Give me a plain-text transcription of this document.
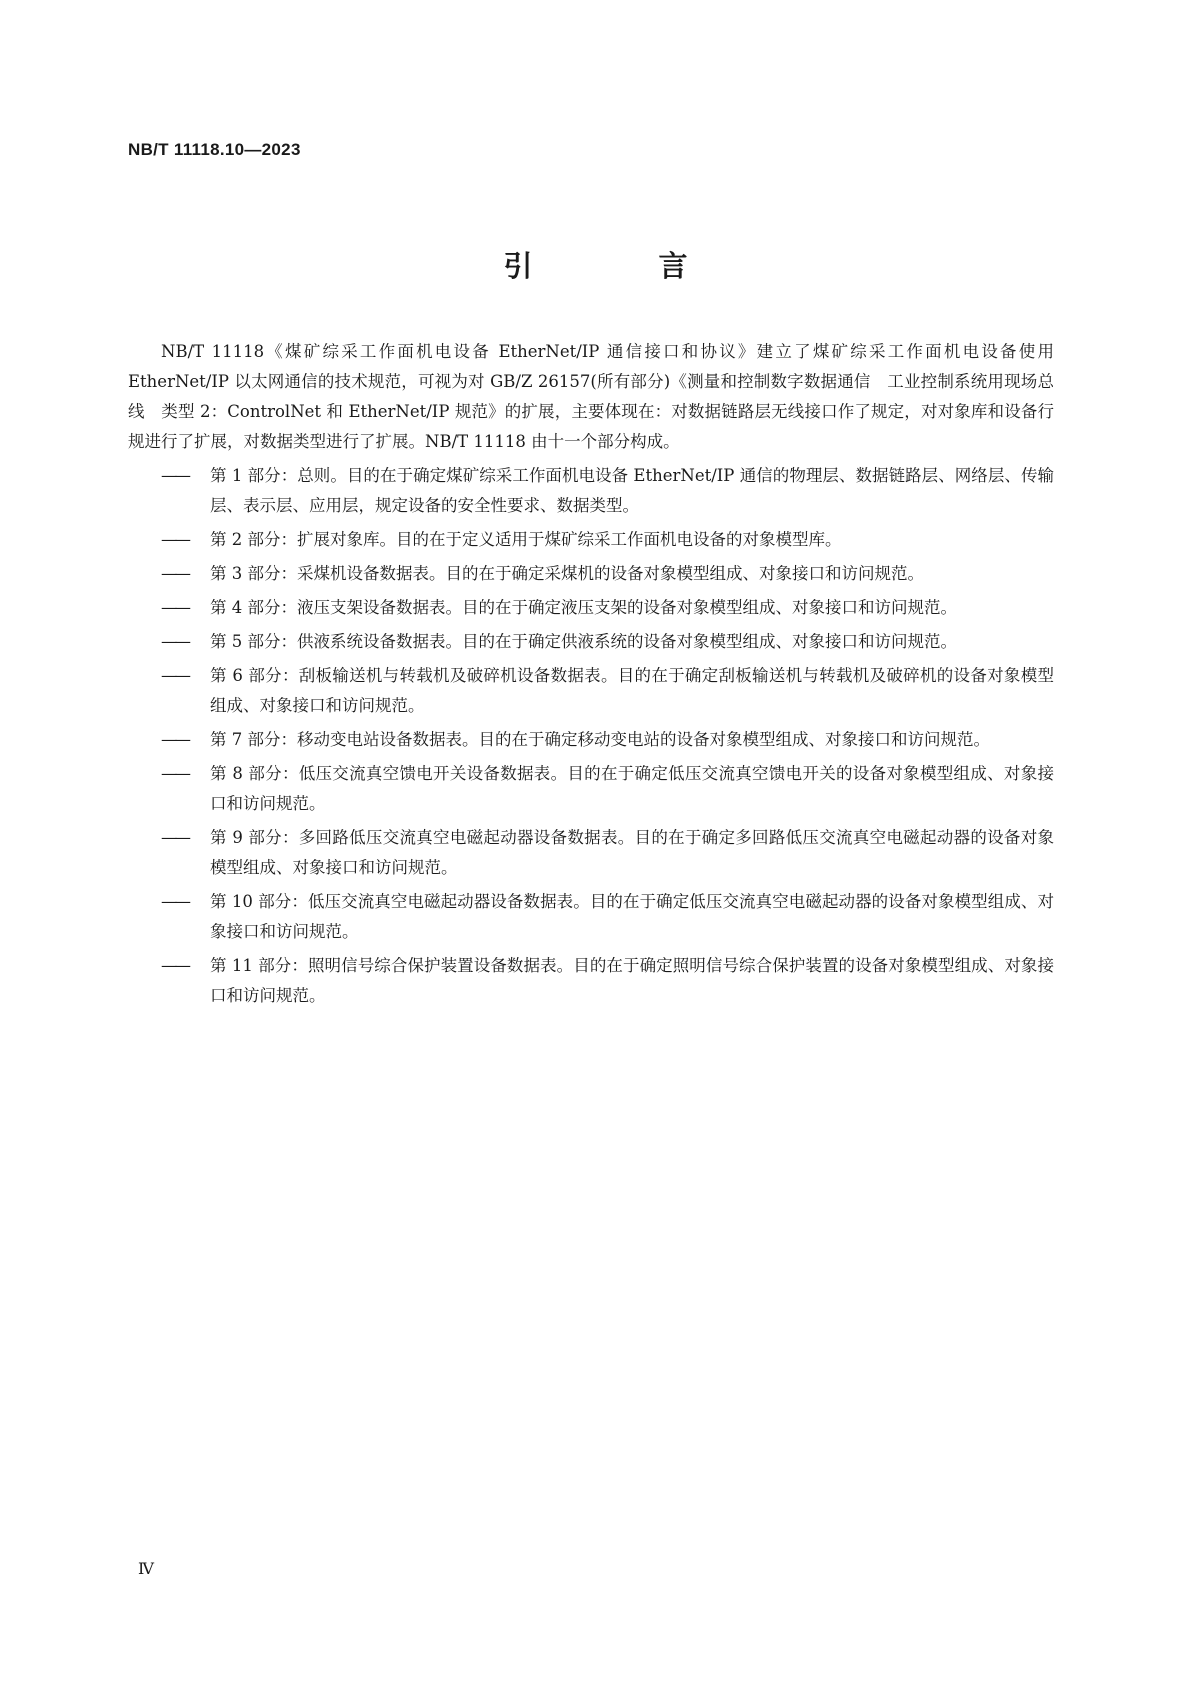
NB/T 11118.10—2023
引 言

NB/T 11118《煤矿综采工作面机电设备 EtherNet/IP 通信接口和协议》建立了煤矿综采工作面机电设备使用 EtherNet/IP 以太网通信的技术规范，可视为对 GB/Z 26157(所有部分)《测量和控制数字数据通信　工业控制系统用现场总线　类型 2：ControlNet 和 EtherNet/IP 规范》的扩展，主要体现在：对数据链路层无线接口作了规定，对对象库和设备行规进行了扩展，对数据类型进行了扩展。NB/T 11118 由十一个部分构成。

——	第 1 部分：总则。目的在于确定煤矿综采工作面机电设备 EtherNet/IP 通信的物理层、数据链路层、网络层、传输层、表示层、应用层，规定设备的安全性要求、数据类型。
——	第 2 部分：扩展对象库。目的在于定义适用于煤矿综采工作面机电设备的对象模型库。
——	第 3 部分：采煤机设备数据表。目的在于确定采煤机的设备对象模型组成、对象接口和访问规范。
——	第 4 部分：液压支架设备数据表。目的在于确定液压支架的设备对象模型组成、对象接口和访问规范。
——	第 5 部分：供液系统设备数据表。目的在于确定供液系统的设备对象模型组成、对象接口和访问规范。
——	第 6 部分：刮板输送机与转载机及破碎机设备数据表。目的在于确定刮板输送机与转载机及破碎机的设备对象模型组成、对象接口和访问规范。
——	第 7 部分：移动变电站设备数据表。目的在于确定移动变电站的设备对象模型组成、对象接口和访问规范。
——	第 8 部分：低压交流真空馈电开关设备数据表。目的在于确定低压交流真空馈电开关的设备对象模型组成、对象接口和访问规范。
——	第 9 部分：多回路低压交流真空电磁起动器设备数据表。目的在于确定多回路低压交流真空电磁起动器的设备对象模型组成、对象接口和访问规范。
——	第 10 部分：低压交流真空电磁起动器设备数据表。目的在于确定低压交流真空电磁起动器的设备对象模型组成、对象接口和访问规范。
——	第 11 部分：照明信号综合保护装置设备数据表。目的在于确定照明信号综合保护装置的设备对象模型组成、对象接口和访问规范。
Ⅳ
